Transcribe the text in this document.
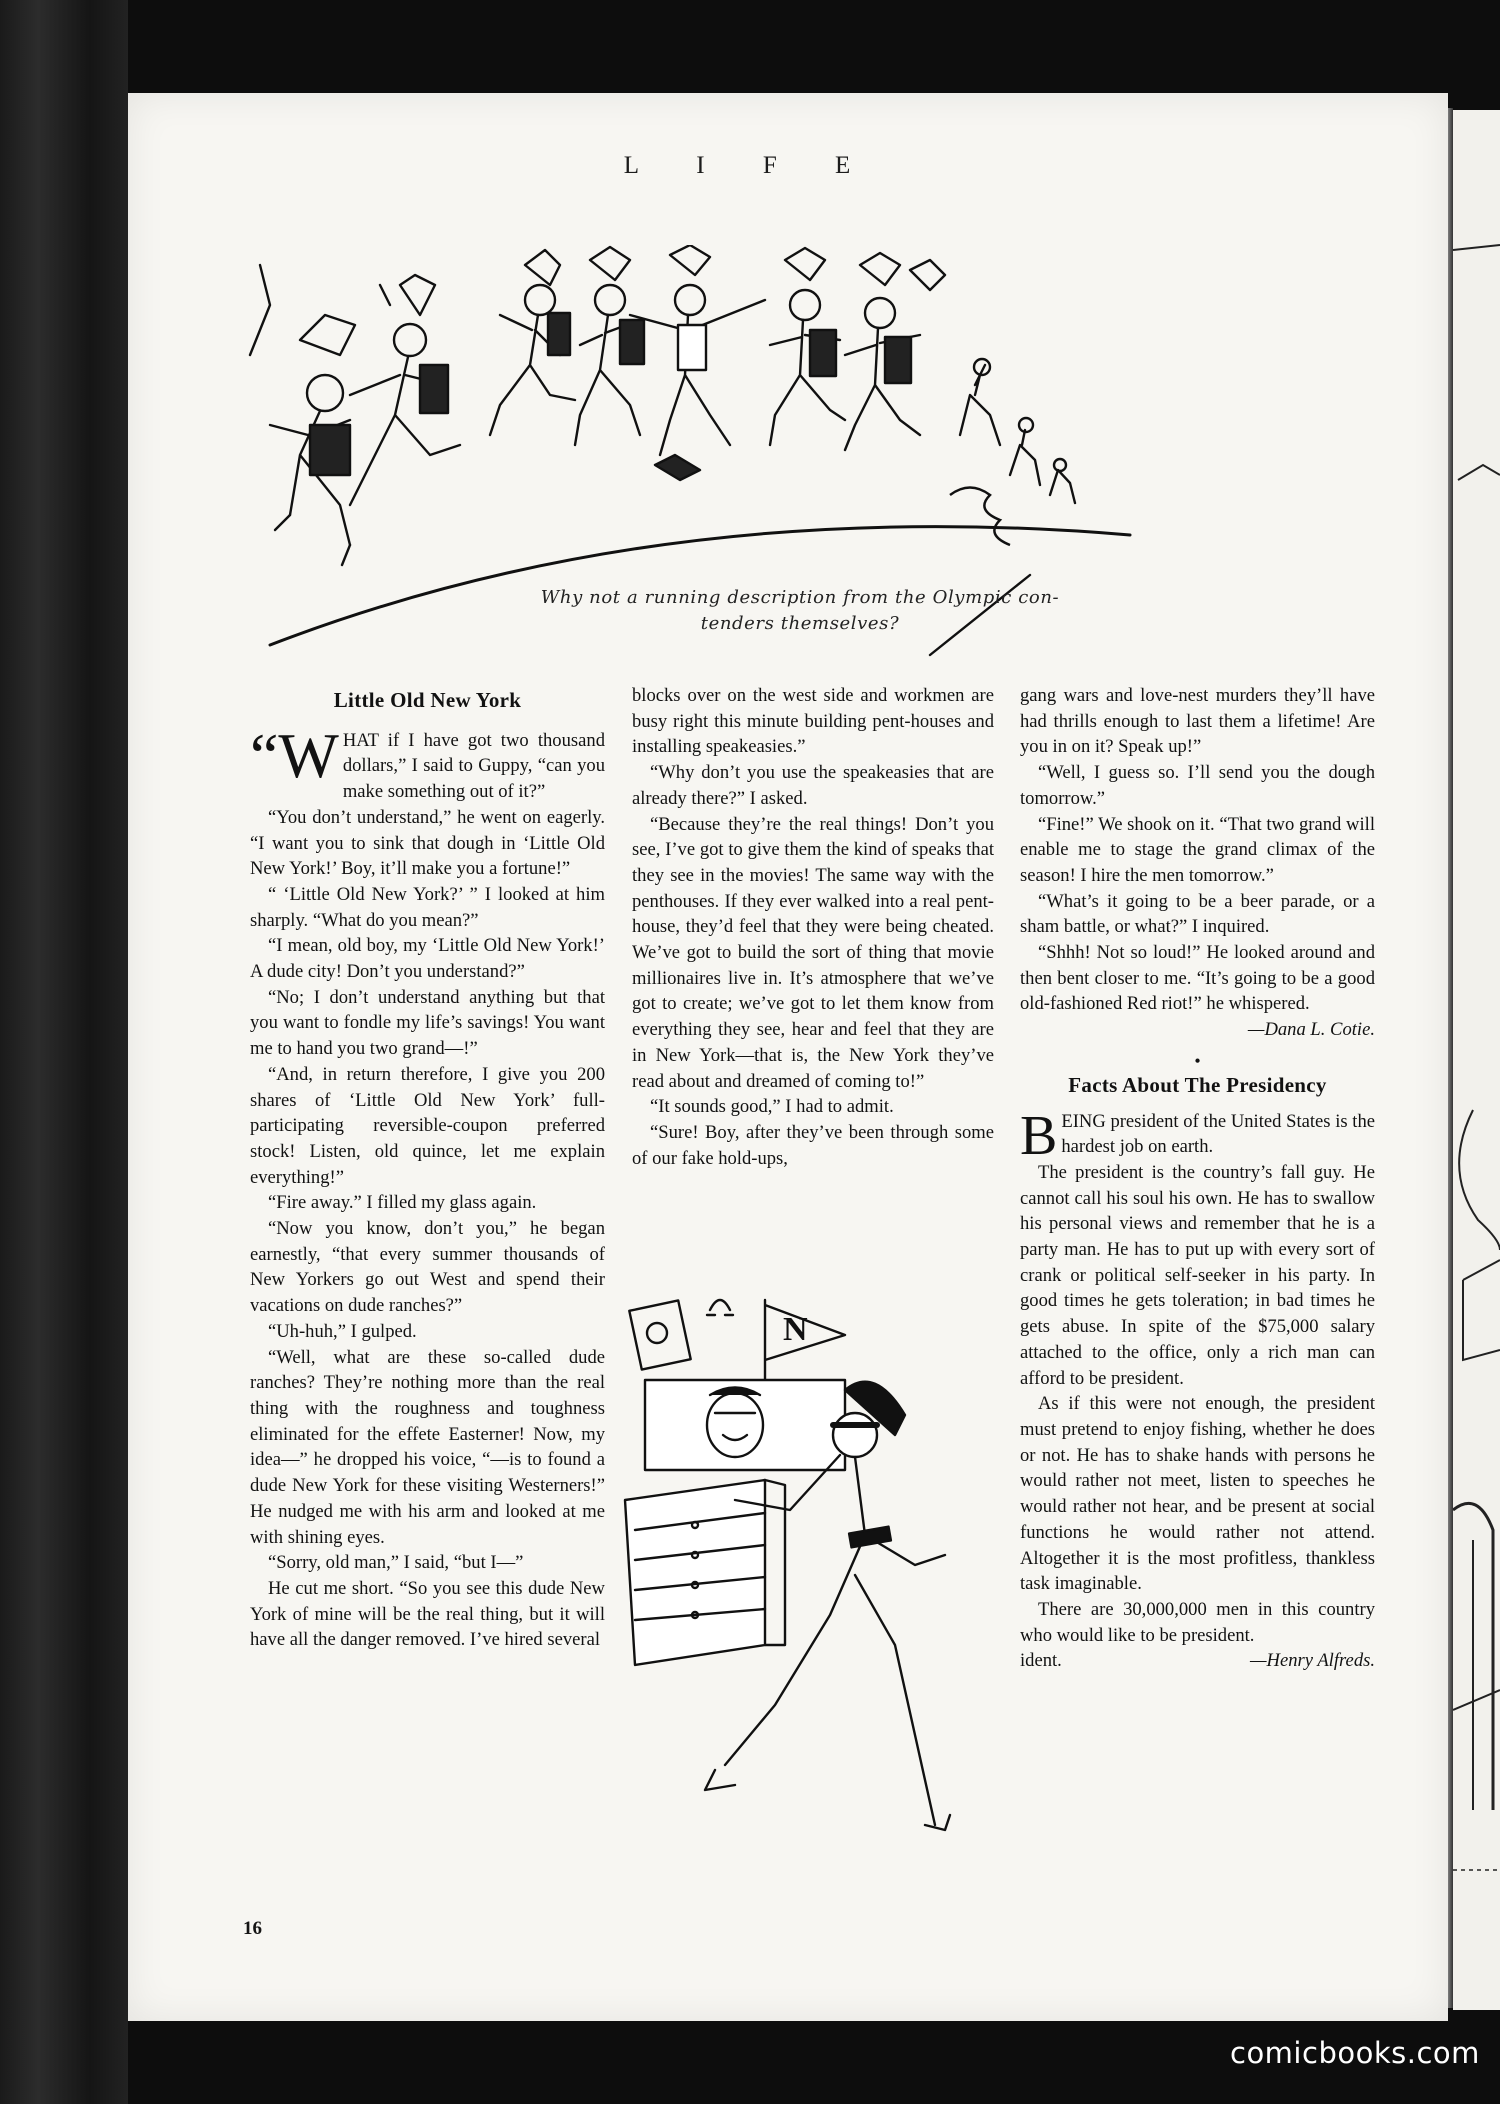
L I F E
Why not a running description from the Olympic con-
tenders themselves?
Little Old New York

“WHAT if I have got two thousand dollars,” I said to Guppy, “can you make something out of it?”

“You don’t understand,” he went on eagerly. “I want you to sink that dough in ‘Little Old New York!’ Boy, it’ll make you a fortune!”

“ ‘Little Old New York?’ ” I looked at him sharply. “What do you mean?”

“I mean, old boy, my ‘Little Old New York!’ A dude city! Don’t you understand?”

“No; I don’t understand anything but that you want to fondle my life’s savings! You want me to hand you two grand—!”

“And, in return therefore, I give you 200 shares of ‘Little Old New York’ full-participating reversible-coupon preferred stock! Listen, old quince, let me explain everything!”

“Fire away.” I filled my glass again.

“Now you know, don’t you,” he began earnestly, “that every summer thousands of New Yorkers go out West and spend their vacations on dude ranches?”

“Uh-huh,” I gulped.

“Well, what are these so-called dude ranches? They’re nothing more than the real thing with the roughness and toughness eliminated for the effete Easterner! Now, my idea—” he dropped his voice, “—is to found a dude New York for these visiting Westerners!” He nudged me with his arm and looked at me with shining eyes.

“Sorry, old man,” I said, “but I—”

He cut me short. “So you see this dude New York of mine will be the real thing, but it will have all the danger removed. I’ve hired several

blocks over on the west side and workmen are busy right this minute building pent-houses and installing speakeasies.”

“Why don’t you use the speakeasies that are already there?” I asked.

“Because they’re the real things! Don’t you see, I’ve got to give them the kind of speaks that they see in the movies! The same way with the penthouses. If they ever walked into a real pent-house, they’d feel that they were being cheated. We’ve got to build the sort of thing that movie millionaires live in. It’s atmosphere that we’ve got to create; we’ve got to let them know from everything they see, hear and feel that they are in New York—that is, the New York they’ve read about and dreamed of coming to!”

“It sounds good,” I had to admit.

“Sure! Boy, after they’ve been through some of our fake hold-ups,

N

gang wars and love-nest murders they’ll have had thrills enough to last them a lifetime! Are you in on it? Speak up!”

“Well, I guess so. I’ll send you the dough tomorrow.”

“Fine!” We shook on it. “That two grand will enable me to stage the grand climax of the season! I hire the men tomorrow.”

“What’s it going to be a beer parade, or a sham battle, or what?” I inquired.

“Shhh! Not so loud!” He looked around and then bent closer to me. “It’s going to be a good old-fashioned Red riot!” he whispered.

—Dana L. Cotie.

•
Facts About The Presidency

BEING president of the United States is the hardest job on earth.

The president is the country’s fall guy. He cannot call his soul his own. He has to swallow his personal views and remember that he is a party man. He has to put up with every sort of crank or political self-seeker in his party. In good times he gets toleration; in bad times he gets abuse. In spite of the $75,000 salary attached to the office, only a rich man can afford to be president.

As if this were not enough, the president must pretend to enjoy fishing, whether he does or not. He has to shake hands with persons he would rather not meet, listen to speeches he would rather not hear, and be present at social functions he would rather not attend. Altogether it is the most profitless, thankless task imaginable.

There are 30,000,000 men in this country who would like to be president.

ident.	—Henry Alfreds.

16
comicbooks.com
